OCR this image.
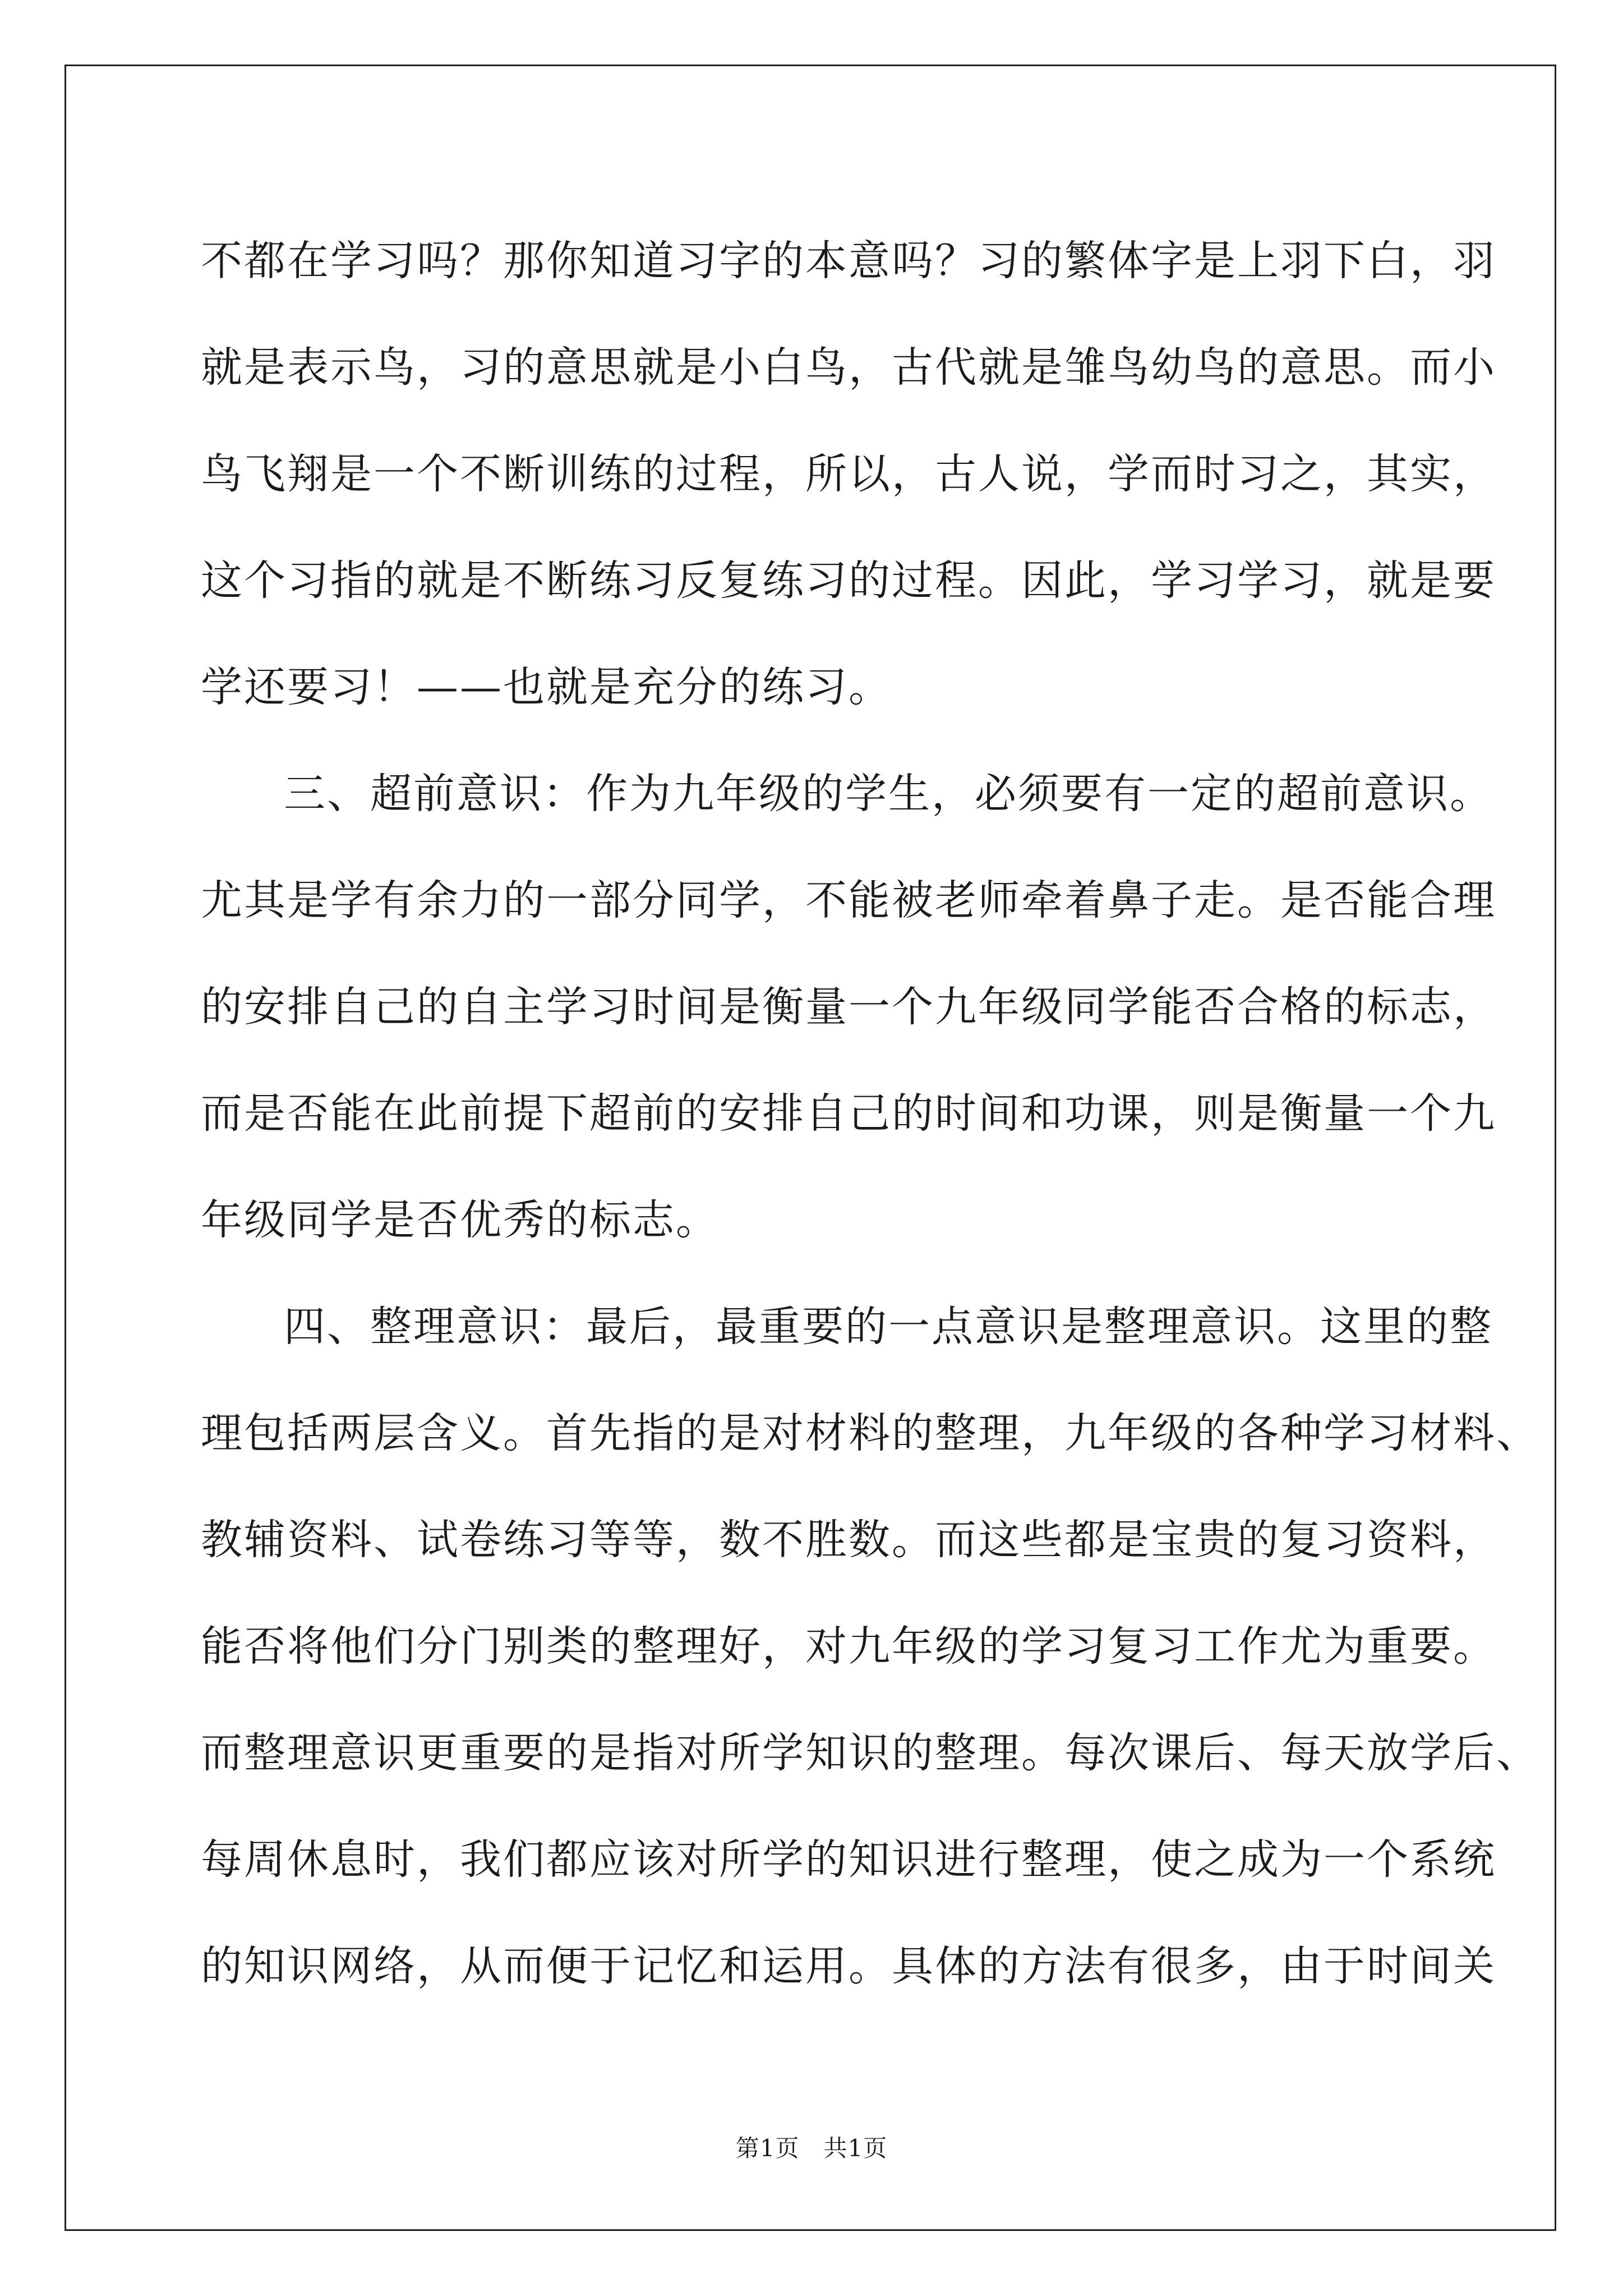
不都在学习吗？那你知道习字的本意吗？习的繁体字是上羽下白，羽
就是表示鸟，习的意思就是小白鸟，古代就是雏鸟幼鸟的意思。而小
鸟飞翔是一个不断训练的过程，所以，古人说，学而时习之，其实，
这个习指的就是不断练习反复练习的过程。因此，学习学习，就是要
学还要习！——也就是充分的练习。
三、超前意识：作为九年级的学生，必须要有一定的超前意识。
尤其是学有余力的一部分同学，不能被老师牵着鼻子走。是否能合理
的安排自己的自主学习时间是衡量一个九年级同学能否合格的标志，
而是否能在此前提下超前的安排自己的时间和功课，则是衡量一个九
年级同学是否优秀的标志。
四、整理意识：最后，最重要的一点意识是整理意识。这里的整
理包括两层含义。首先指的是对材料的整理，九年级的各种学习材料、
教辅资料、试卷练习等等，数不胜数。而这些都是宝贵的复习资料，
能否将他们分门别类的整理好，对九年级的学习复习工作尤为重要。
而整理意识更重要的是指对所学知识的整理。每次课后、每天放学后、
每周休息时，我们都应该对所学的知识进行整理，使之成为一个系统
的知识网络，从而便于记忆和运用。具体的方法有很多，由于时间关
第1页　共1页
